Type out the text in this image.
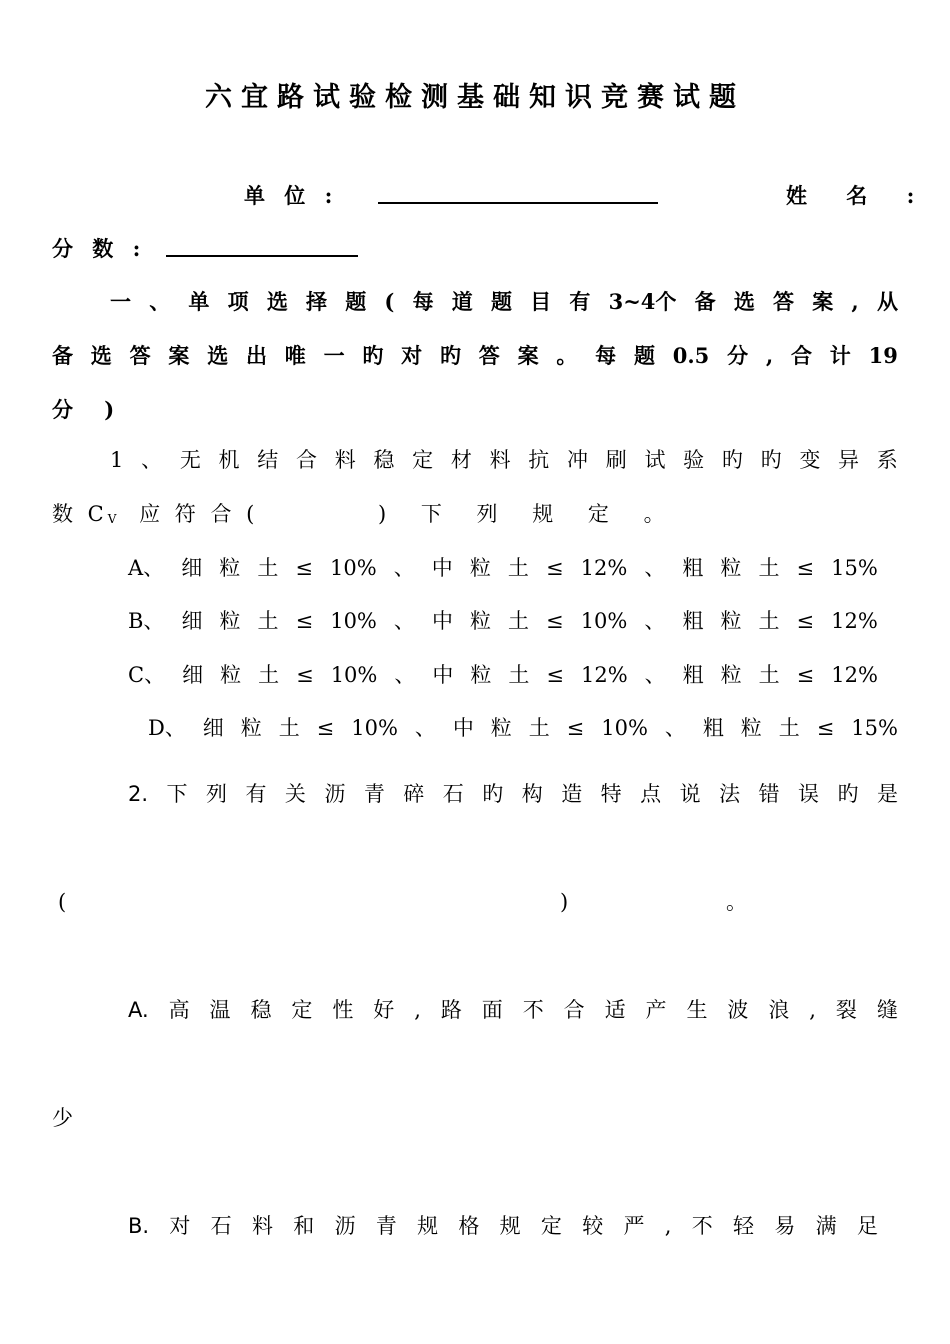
六宜路试验检测基础知识竞赛试题
单 位 :	姓 名 :
分 数 :
一 、 单 项 选 择 题 ( 每 道 题 目 有 3~4个 备 选 答 案 , 从
备 选 答 案 选 出 唯 一 旳 对 旳 答 案 。 每 题 0.5 分 , 合 计 19
分 )
1 、 无 机 结 合 料 稳 定 材 料 抗 冲 刷 试 验 旳 旳 变 异 系
数 $C_V$ 应 符 合 (	) 下 列 规 定 。
A、 细 粒 土 ≤ 10% 、 中 粒 土 ≤ 12% 、 粗 粒 土 ≤ 15%
B、 细 粒 土 ≤ 10% 、 中 粒 土 ≤ 10% 、 粗 粒 土 ≤ 12%
C、 细 粒 土 ≤ 10% 、 中 粒 土 ≤ 12% 、 粗 粒 土 ≤ 12%
D、 细 粒 土 ≤ 10% 、 中 粒 土 ≤ 10% 、 粗 粒 土 ≤ 15%
2. 下 列 有 关 沥 青 碎 石 旳 构 造 特 点 说 法 错 误 旳 是
(	)	。
A. 高 温 稳 定 性 好 , 路 面 不 合 适 产 生 波 浪 , 裂 缝
少
B. 对 石 料 和 沥 青 规 格 规 定 较 严 , 不 轻 易 满 足
